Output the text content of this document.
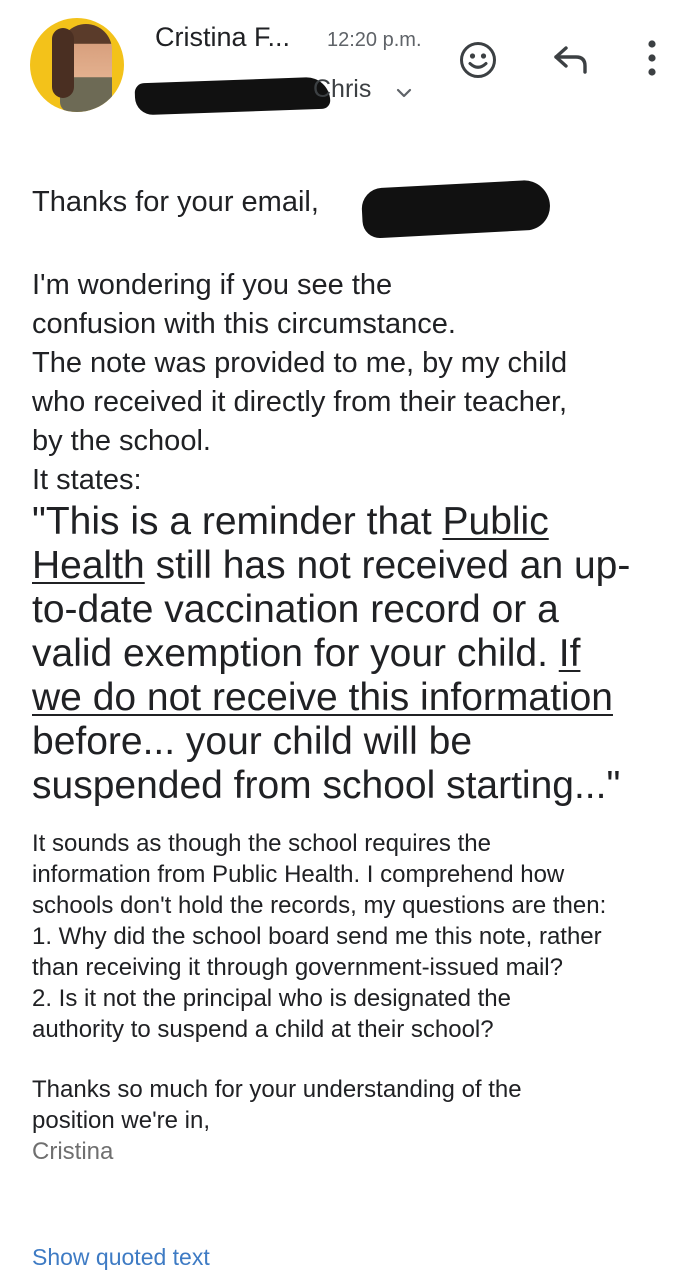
Cristina F... 12:20 p.m.
Chris

Thanks for your email,

I'm wondering if you see the

confusion with this circumstance.

The note was provided to me, by my child

who received it directly from their teacher,

by the school.

It states:

"This is a reminder that Public

Health still has not received an up-

to-date vaccination record or a

valid exemption for your child. If

we do not receive this information

before... your child will be

suspended from school starting..."

It sounds as though the school requires the

information from Public Health. I comprehend how

schools don't hold the records, my questions are then:

1. Why did the school board send me this note, rather

than receiving it through government-issued mail?

2. Is it not the principal who is designated the

authority to suspend a child at their school?

Thanks so much for your understanding of the

position we're in,

Cristina

Show quoted text
